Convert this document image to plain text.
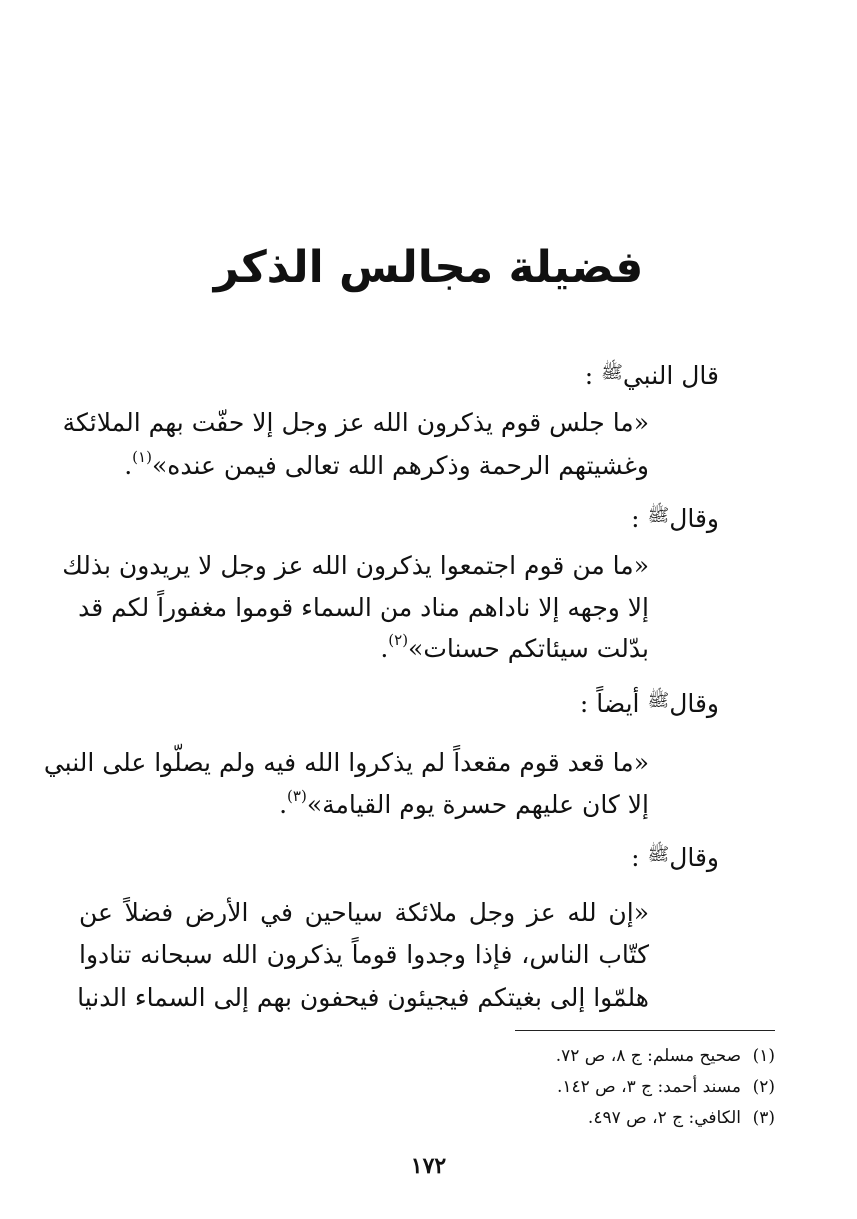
فضيلة مجالس الذكر

قال النبي$^ﷺ$ :

«ما جلس قوم يذكرون الله عز وجل إلا حفّت بهم الملائكة

وغشيتهم الرحمة وذكرهم الله تعالى فيمن عنده»$^{(١)}$.

وقال$^ﷺ$ :

«ما من قوم اجتمعوا يذكرون الله عز وجل لا يريدون بذلك

إلا وجهه إلا ناداهم مناد من السماء قوموا مغفوراً لكم قد

بدّلت سيئاتكم حسنات»$^{(٢)}$.

وقال$^ﷺ$ أيضاً :

«ما قعد قوم مقعداً لم يذكروا الله فيه ولم يصلّوا على النبي

إلا كان عليهم حسرة يوم القيامة»$^{(٣)}$.

وقال$^ﷺ$ :

«إن لله عز وجل ملائكة سياحين في الأرض فضلاً عن

كتّاب الناس، فإذا وجدوا قوماً يذكرون الله سبحانه تنادوا

هلمّوا إلى بغيتكم فيجيئون فيحفون بهم إلى السماء الدنيا

(١)صحيح مسلم: ج ٨، ص ٧٢.

(٢)مسند أحمد: ج ٣، ص ١٤٢.

(٣)الكافي: ج ٢، ص ٤٩٧.

١٧٢
